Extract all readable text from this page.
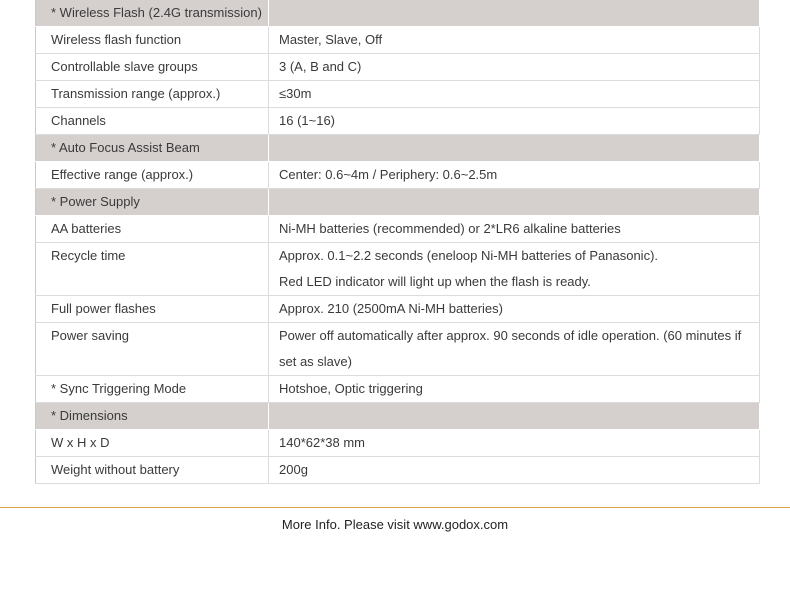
* Wireless Flash (2.4G transmission)	
Wireless flash function	Master, Slave, Off

Controllable slave groups	3 (A, B and C)

Transmission range (approx.)	≤30m

Channels	16 (1~16)

* Auto Focus Assist Beam	
Effective range (approx.)	Center: 0.6~4m / Periphery: 0.6~2.5m

* Power Supply	
AA batteries	Ni-MH batteries (recommended) or 2*LR6 alkaline batteries

Recycle time	Approx. 0.1~2.2 seconds (eneloop Ni-MH batteries of Panasonic).
Red LED indicator will light up when the flash is ready.

Full power flashes	Approx. 210 (2500mA Ni-MH batteries)

Power saving	Power off automatically after approx. 90 seconds of idle operation. (60 minutes if
set as slave)

* Sync Triggering Mode	Hotshoe, Optic triggering

* Dimensions	
W x H x D	140*62*38 mm

Weight without battery	200g
More Info. Please visit www.godox.com
